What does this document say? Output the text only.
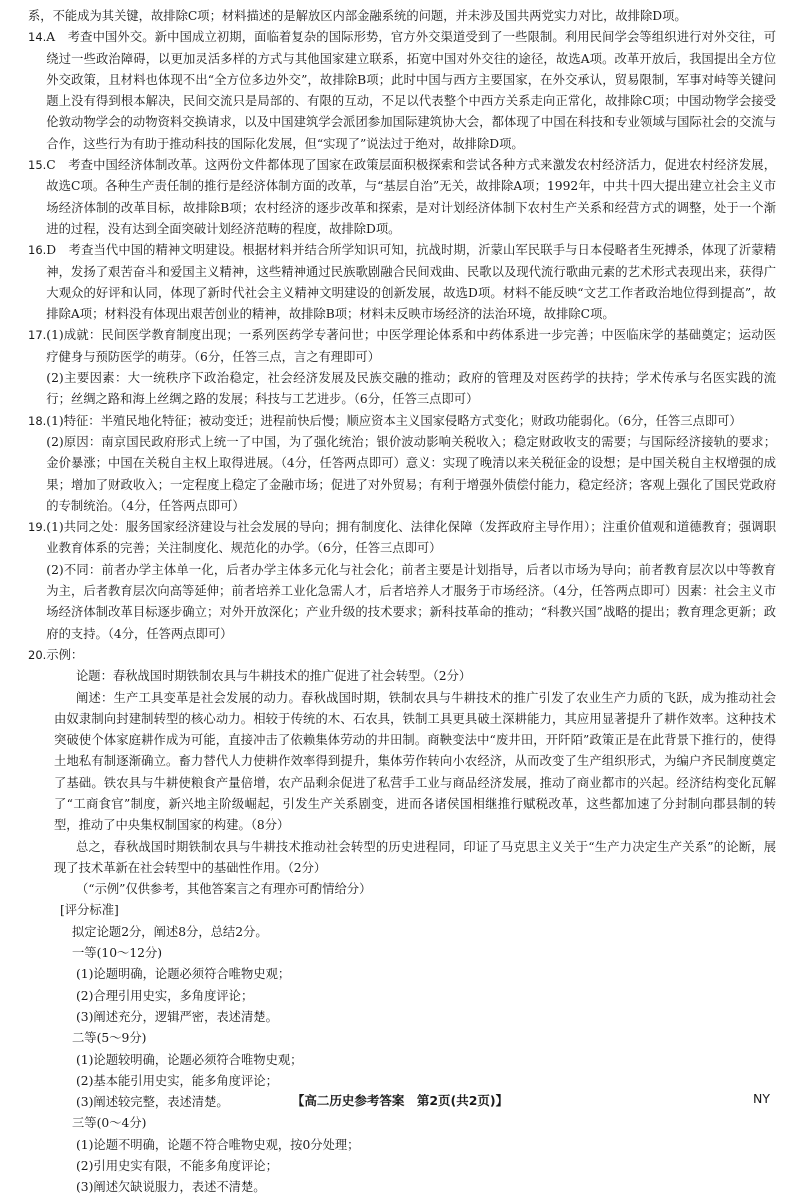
系，不能成为其关键，故排除C项；材料描述的是解放区内部金融系统的问题，并未涉及国共两党实力对比，故排除D项。

14. A　考查中国外交。新中国成立初期，面临着复杂的国际形势，官方外交渠道受到了一些限制。利用民间学会等组织进行对外交往，可绕过一些政治障碍，以更加灵活多样的方式与其他国家建立联系，拓宽中国对外交往的途径，故选A项。改革开放后，我国提出全方位外交政策，且材料也体现不出“全方位多边外交”，故排除B项；此时中国与西方主要国家，在外交承认，贸易限制，军事对峙等关键问题上没有得到根本解决，民间交流只是局部的、有限的互动，不足以代表整个中西方关系走向正常化，故排除C项；中国动物学会接受伦敦动物学会的动物资料交换请求，以及中国建筑学会派团参加国际建筑协大会，都体现了中国在科技和专业领域与国际社会的交流与合作，这些行为有助于推动科技的国际化发展，但“实现了”说法过于绝对，故排除D项。

15. C　考查中国经济体制改革。这两份文件都体现了国家在政策层面积极探索和尝试各种方式来激发农村经济活力，促进农村经济发展，故选C项。各种生产责任制的推行是经济体制方面的改革，与“基层自治”无关，故排除A项；1992年，中共十四大提出建立社会主义市场经济体制的改革目标，故排除B项；农村经济的逐步改革和探索，是对计划经济体制下农村生产关系和经营方式的调整，处于一个渐进的过程，没有达到全面突破计划经济范畴的程度，故排除D项。

16. D　考查当代中国的精神文明建设。根据材料并结合所学知识可知，抗战时期，沂蒙山军民联手与日本侵略者生死搏杀，体现了沂蒙精神，发扬了艰苦奋斗和爱国主义精神，这些精神通过民族歌剧融合民间戏曲、民歌以及现代流行歌曲元素的艺术形式表现出来，获得广大观众的好评和认同，体现了新时代社会主义精神文明建设的创新发展，故选D项。材料不能反映“文艺工作者政治地位得到提高”，故排除A项；材料没有体现出艰苦创业的精神，故排除B项；材料未反映市场经济的法治环境，故排除C项。

17. (1)成就：民间医学教育制度出现；一系列医药学专著问世；中医学理论体系和中药体系进一步完善；中医临床学的基础奠定；运动医疗健身与预防医学的萌芽。（6分，任答三点，言之有理即可）

(2)主要因素：大一统秩序下政治稳定，社会经济发展及民族交融的推动；政府的管理及对医药学的扶持；学术传承与名医实践的流行；丝绸之路和海上丝绸之路的发展；科技与工艺进步。（6分，任答三点即可）

18. (1)特征：半殖民地化特征；被动变迁；进程前快后慢；顺应资本主义国家侵略方式变化；财政功能弱化。（6分，任答三点即可）

(2)原因：南京国民政府形式上统一了中国，为了强化统治；银价波动影响关税收入；稳定财政收支的需要；与国际经济接轨的要求；金价暴涨；中国在关税自主权上取得进展。（4分，任答两点即可）意义：实现了晚清以来关税征金的设想；是中国关税自主权增强的成果；增加了财政收入；一定程度上稳定了金融市场；促进了对外贸易；有利于增强外债偿付能力，稳定经济；客观上强化了国民党政府的专制统治。（4分，任答两点即可）

19. (1)共同之处：服务国家经济建设与社会发展的导向；拥有制度化、法律化保障（发挥政府主导作用）；注重价值观和道德教育；强调职业教育体系的完善；关注制度化、规范化的办学。（6分，任答三点即可）

(2)不同：前者办学主体单一化，后者办学主体多元化与社会化；前者主要是计划指导，后者以市场为导向；前者教育层次以中等教育为主，后者教育层次向高等延伸；前者培养工业化急需人才，后者培养人才服务于市场经济。（4分，任答两点即可）因素：社会主义市场经济体制改革目标逐步确立；对外开放深化；产业升级的技术要求；新科技革命的推动；“科教兴国”战略的提出；教育理念更新；政府的支持。（4分，任答两点即可）

20. 示例：

论题：春秋战国时期铁制农具与牛耕技术的推广促进了社会转型。（2分）

阐述：生产工具变革是社会发展的动力。春秋战国时期，铁制农具与牛耕技术的推广引发了农业生产力质的飞跃，成为推动社会由奴隶制向封建制转型的核心动力。相较于传统的木、石农具，铁制工具更具破土深耕能力，其应用显著提升了耕作效率。这种技术突破使个体家庭耕作成为可能，直接冲击了依赖集体劳动的井田制。商鞅变法中“废井田，开阡陌”政策正是在此背景下推行的，使得土地私有制逐渐确立。畜力替代人力使耕作效率得到提升，集体劳作转向小农经济，从而改变了生产组织形式，为编户齐民制度奠定了基础。铁农具与牛耕使粮食产量倍增，农产品剩余促进了私营手工业与商品经济发展，推动了商业都市的兴起。经济结构变化瓦解了“工商食官”制度，新兴地主阶级崛起，引发生产关系剧变，进而各诸侯国相继推行赋税改革，这些都加速了分封制向郡县制的转型，推动了中央集权制国家的构建。（8分）

总之，春秋战国时期铁制农具与牛耕技术推动社会转型的历史进程同，印证了马克思主义关于“生产力决定生产关系”的论断，展现了技术革新在社会转型中的基础性作用。（2分）

（“示例”仅供参考，其他答案言之有理亦可酌情给分）

[评分标准]

拟定论题2分，阐述8分，总结2分。

一等(10～12分)

(1)论题明确，论题必须符合唯物史观；

(2)合理引用史实，多角度评论；

(3)阐述充分，逻辑严密，表述清楚。

二等(5～9分)

(1)论题较明确，论题必须符合唯物史观；

(2)基本能引用史实，能多角度评论；

(3)阐述较完整，表述清楚。

三等(0～4分)

(1)论题不明确，论题不符合唯物史观，按0分处理；

(2)引用史实有限，不能多角度评论；

(3)阐述欠缺说服力，表述不清楚。

【高二历史参考答案　第2页(共2页)】	NY
